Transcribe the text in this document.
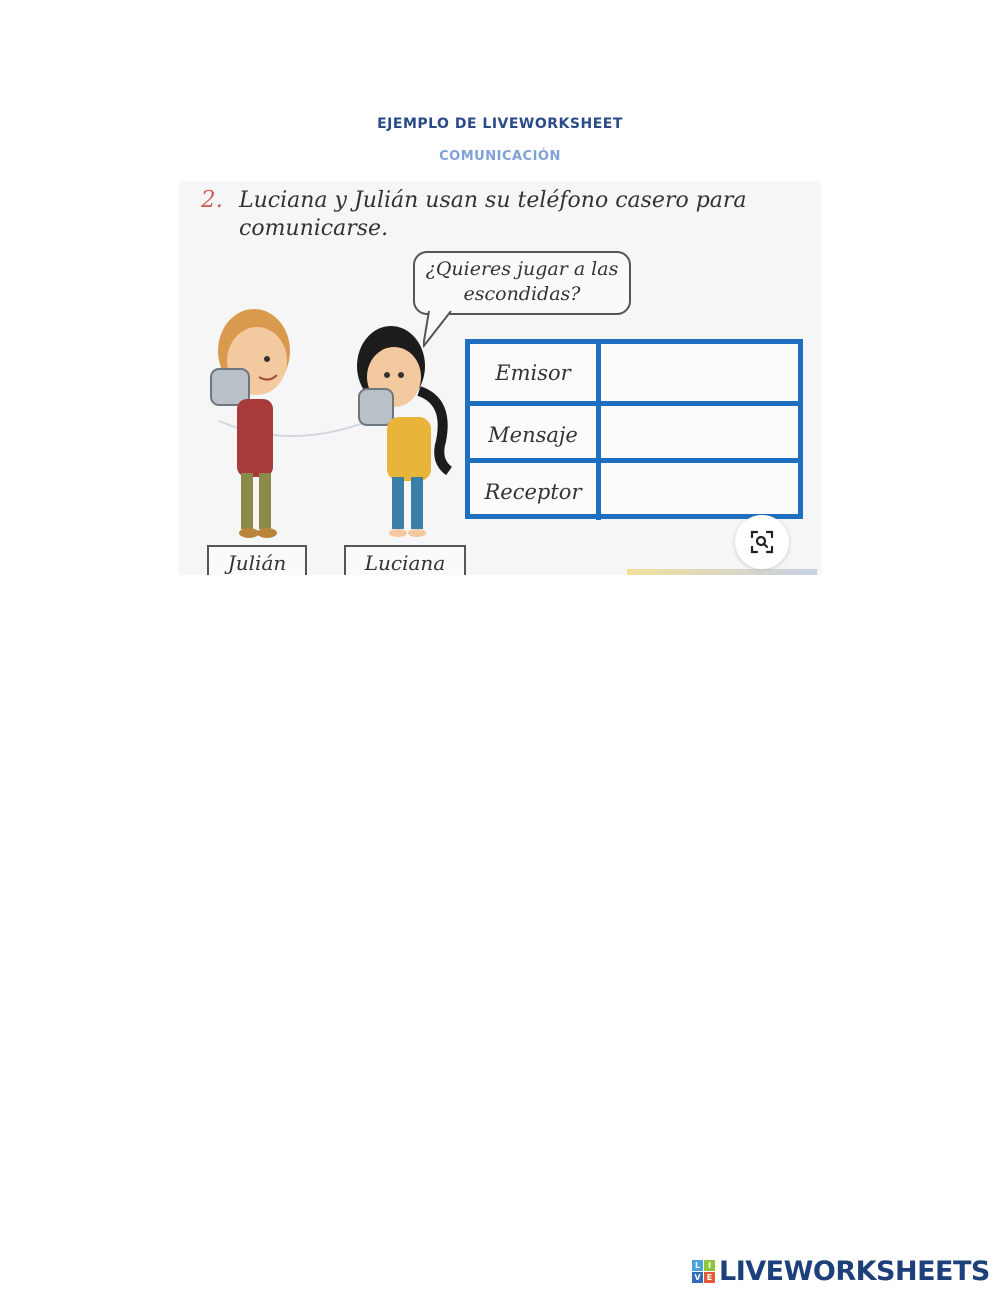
EJEMPLO DE LIVEWORKSHEET
COMUNICACIÓN
2. Luciana y Julián usan su teléfono casero para comunicarse.
¿Quieres jugar a las escondidas?
Emisor
Mensaje
Receptor
Julián	Luciana
L I
V E LIVEWORKSHEETS
